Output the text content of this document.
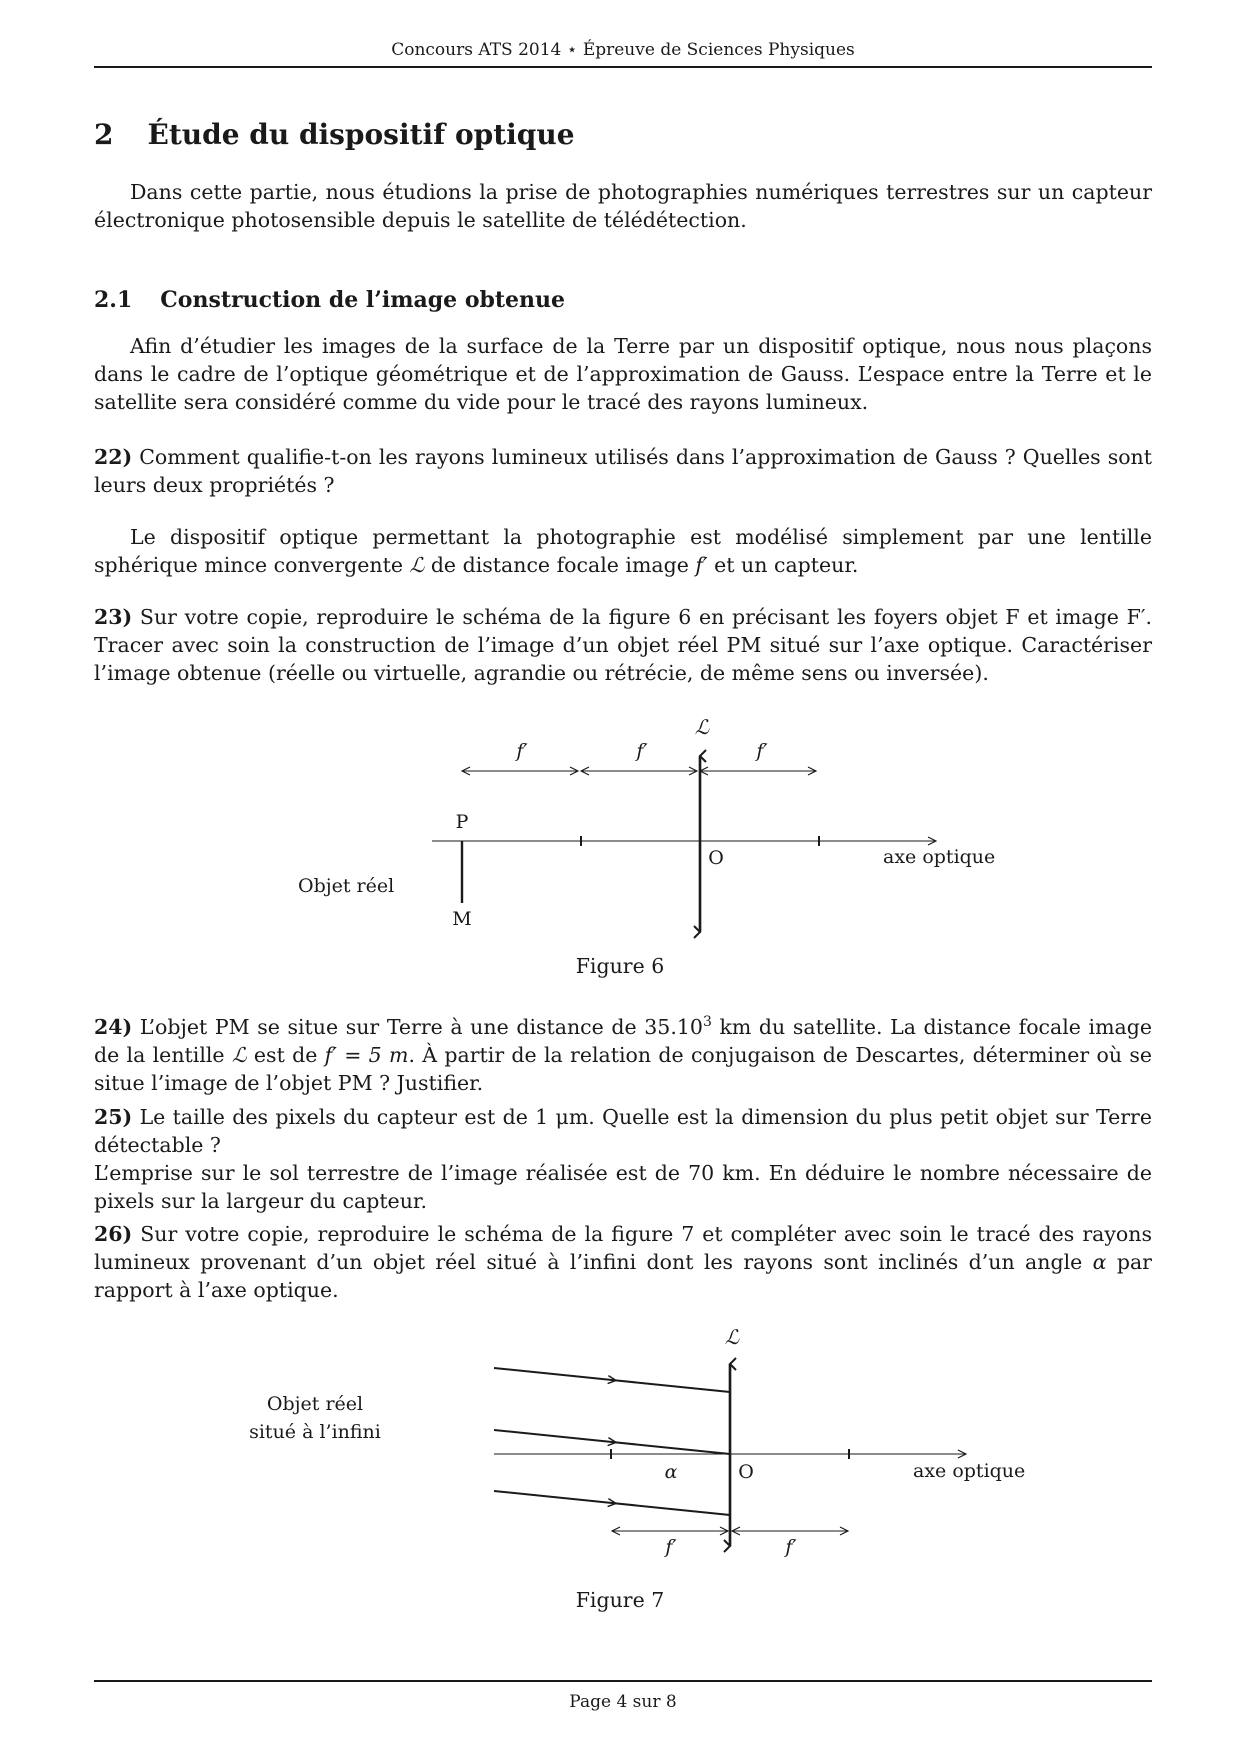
Concours ATS 2014 ⋆ Épreuve de Sciences Physiques
2 Étude du dispositif optique
Dans cette partie, nous étudions la prise de photographies numériques terrestres sur un capteur électronique photosensible depuis le satellite de télédétection.
2.1 Construction de l’image obtenue
Afin d’étudier les images de la surface de la Terre par un dispositif optique, nous nous plaçons dans le cadre de l’optique géométrique et de l’approximation de Gauss. L’espace entre la Terre et le satellite sera considéré comme du vide pour le tracé des rayons lumineux.
22) Comment qualifie-t-on les rayons lumineux utilisés dans l’approximation de Gauss ? Quelles sont leurs deux propriétés ?
Le dispositif optique permettant la photographie est modélisé simplement par une lentille sphérique mince convergente ℒ de distance focale image f′ et un capteur.
23) Sur votre copie, reproduire le schéma de la figure 6 en précisant les foyers objet F et image F′. Tracer avec soin la construction de l’image d’un objet réel PM situé sur l’axe optique. Caractériser l’image obtenue (réelle ou virtuelle, agrandie ou rétrécie, de même sens ou inversée).
f′	f′	f′
ℒ
P
M
O	axe optique
Objet réel
Figure 6
24) L’objet PM se situe sur Terre à une distance de 35.10$^3$ km du satellite. La distance focale image de la lentille ℒ est de f′ = 5 m. À partir de la relation de conjugaison de Descartes, déterminer où se situe l’image de l’objet PM ? Justifier.
25) Le taille des pixels du capteur est de 1 μm. Quelle est la dimension du plus petit objet sur Terre détectable ?
L’emprise sur le sol terrestre de l’image réalisée est de 70 km. En déduire le nombre nécessaire de pixels sur la largeur du capteur.
26) Sur votre copie, reproduire le schéma de la figure 7 et compléter avec soin le tracé des rayons lumineux provenant d’un objet réel situé à l’infini dont les rayons sont inclinés d’un angle α par rapport à l’axe optique.
ℒ
α	O	axe optique
f′	f′
Objet réel
situé à l’infini
Figure 7
Page 4 sur 8
